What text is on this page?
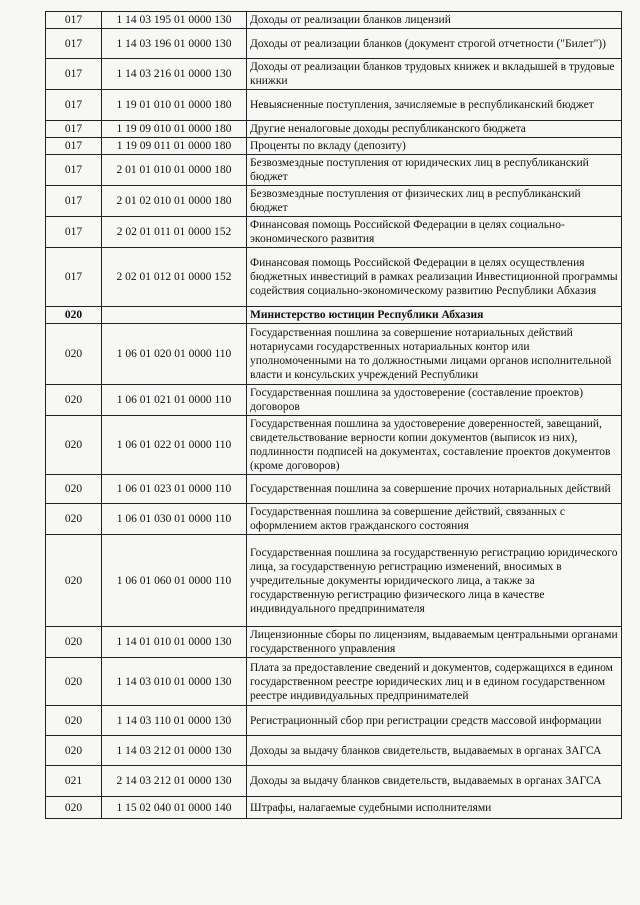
017	1 14 03 195 01 0000 130	Доходы от реализации бланков лицензий
017	1 14 03 196 01 0000 130	Доходы от реализации бланков (документ строгой отчетности ("Билет"))
017	1 14 03 216 01 0000 130	Доходы от реализации бланков трудовых книжек и вкладышей в трудовые книжки
017	1 19 01 010 01 0000 180	Невыясненные поступления, зачисляемые в республиканский бюджет
017	1 19 09 010 01 0000 180	Другие неналоговые доходы республиканского бюджета
017	1 19 09 011 01 0000 180	Проценты по вкладу (депозиту)
017	2 01 01 010 01 0000 180	Безвозмездные поступления от юридических лиц в республиканский бюджет
017	2 01 02 010 01 0000 180	Безвозмездные поступления от физических лиц в республиканский бюджет
017	2 02 01 011 01 0000 152	Финансовая помощь Российской Федерации в целях социально-экономического развития
017	2 02 01 012 01 0000 152	Финансовая помощь Российской Федерации в целях осуществления бюджетных инвестиций в рамках реализации Инвестиционной программы содействия социально-экономическому развитию Республики Абхазия
020		Министерство юстиции Республики Абхазия
020	1 06 01 020 01 0000 110	Государственная пошлина за совершение нотариальных действий нотариусами государственных нотариальных контор или уполномоченными на то должностными лицами органов исполнительной власти и консульских учреждений Республики
020	1 06 01 021 01 0000 110	Государственная пошлина за удостоверение (составление проектов) договоров
020	1 06 01 022 01 0000 110	Государственная пошлина за удостоверение доверенностей, завещаний, свидетельствование верности копии документов (выписок из них), подлинности подписей на документах, составление проектов документов (кроме договоров)
020	1 06 01 023 01 0000 110	Государственная пошлина за совершение прочих нотариальных действий
020	1 06 01 030 01 0000 110	Государственная пошлина за совершение действий, связанных с оформлением актов гражданского состояния
020	1 06 01 060 01 0000 110	Государственная пошлина за государственную регистрацию юридического лица, за государственную регистрацию изменений, вносимых в учредительные документы юридического лица, а также за государственную регистрацию физического лица в качестве индивидуального предпринимателя
020	1 14 01 010 01 0000 130	Лицензионные сборы по лицензиям, выдаваемым центральными органами государственного управления
020	1 14 03 010 01 0000 130	Плата за предоставление сведений и документов, содержащихся в едином государственном реестре юридических лиц и в едином государственном реестре индивидуальных предпринимателей
020	1 14 03 110 01 0000 130	Регистрационный сбор при регистрации средств массовой информации
020	1 14 03 212 01 0000 130	Доходы за выдачу бланков свидетельств, выдаваемых в органах ЗАГСА
021	2 14 03 212 01 0000 130	Доходы за выдачу бланков свидетельств, выдаваемых в органах ЗАГСА
020	1 15 02 040 01 0000 140	Штрафы, налагаемые судебными исполнителями
